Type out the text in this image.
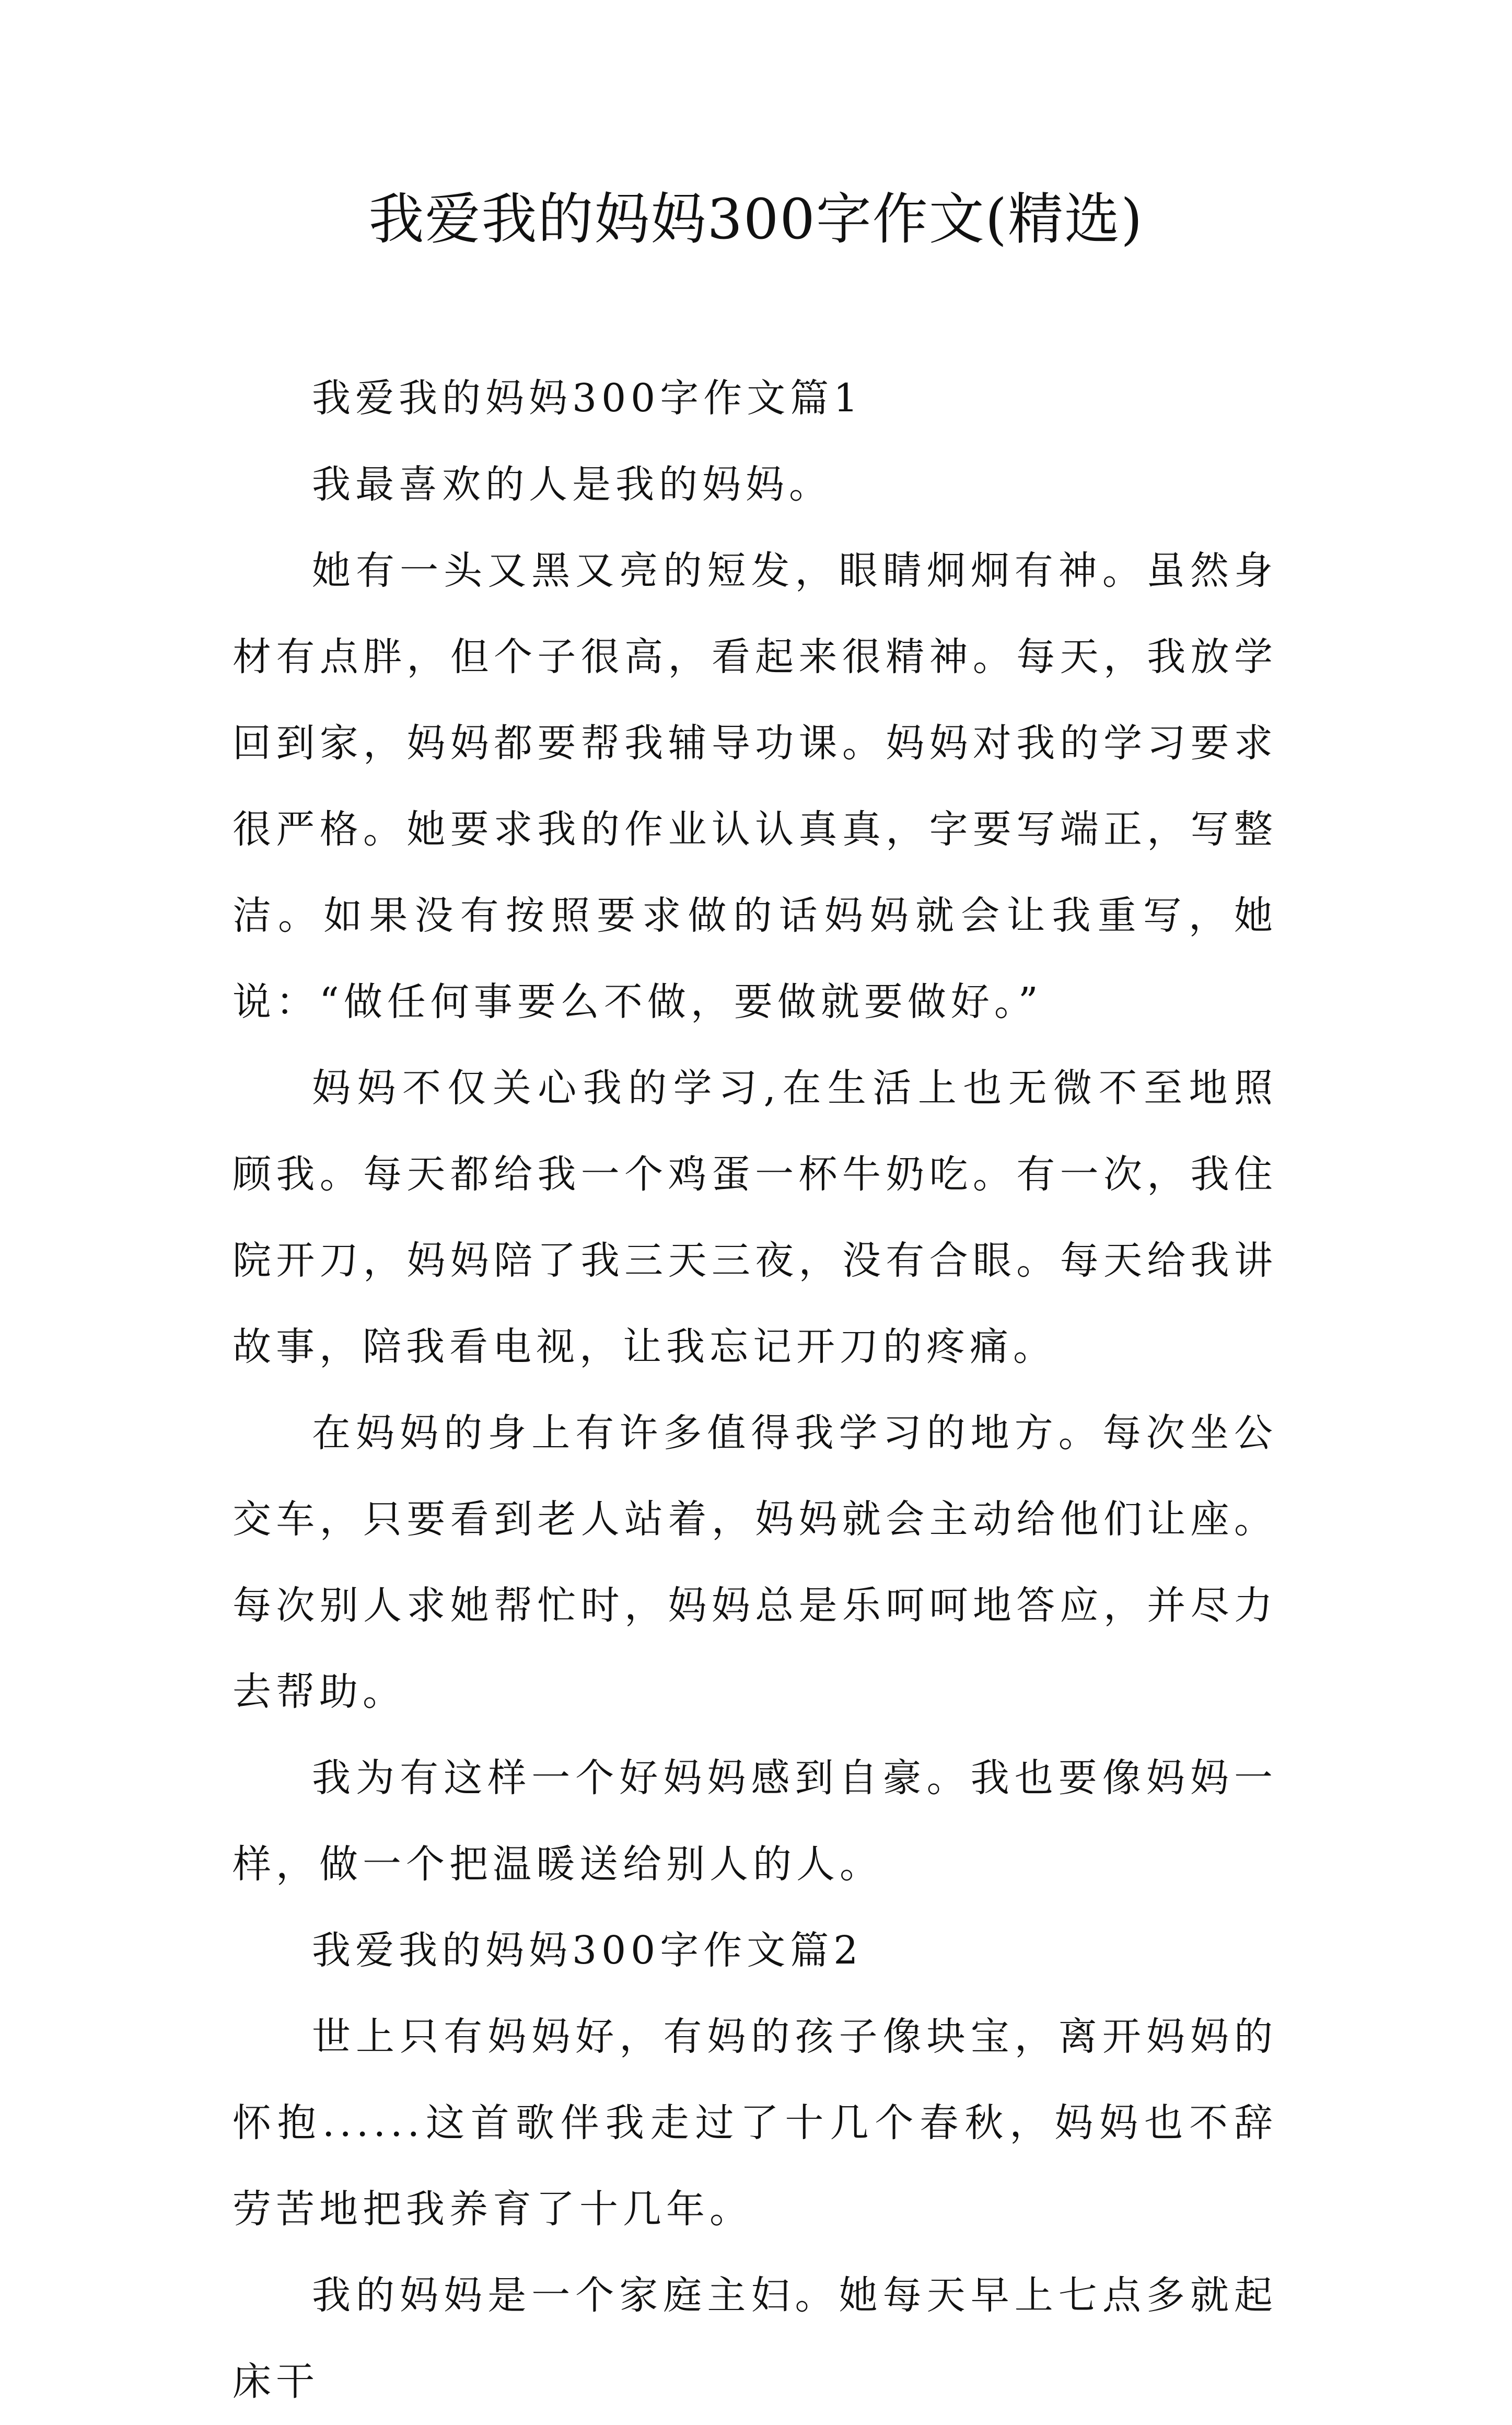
我爱我的妈妈300字作文(精选)

我爱我的妈妈300字作文篇1

我最喜欢的人是我的妈妈。

她有一头又黑又亮的短发，眼睛炯炯有神。虽然身材有点胖，但个子很高，看起来很精神。每天，我放学回到家，妈妈都要帮我辅导功课。妈妈对我的学习要求很严格。她要求我的作业认认真真，字要写端正，写整洁。如果没有按照要求做的话妈妈就会让我重写，她说：“做任何事要么不做，要做就要做好。”

妈妈不仅关心我的学习,在生活上也无微不至地照顾我。每天都给我一个鸡蛋一杯牛奶吃。有一次，我住院开刀，妈妈陪了我三天三夜，没有合眼。每天给我讲故事，陪我看电视，让我忘记开刀的疼痛。

在妈妈的身上有许多值得我学习的地方。每次坐公交车，只要看到老人站着，妈妈就会主动给他们让座。每次别人求她帮忙时，妈妈总是乐呵呵地答应，并尽力去帮助。

我为有这样一个好妈妈感到自豪。我也要像妈妈一样，做一个把温暖送给别人的人。

我爱我的妈妈300字作文篇2

世上只有妈妈好，有妈的孩子像块宝，离开妈妈的怀抱......这首歌伴我走过了十几个春秋，妈妈也不辞劳苦地把我养育了十几年。

我的妈妈是一个家庭主妇。她每天早上七点多就起床干
